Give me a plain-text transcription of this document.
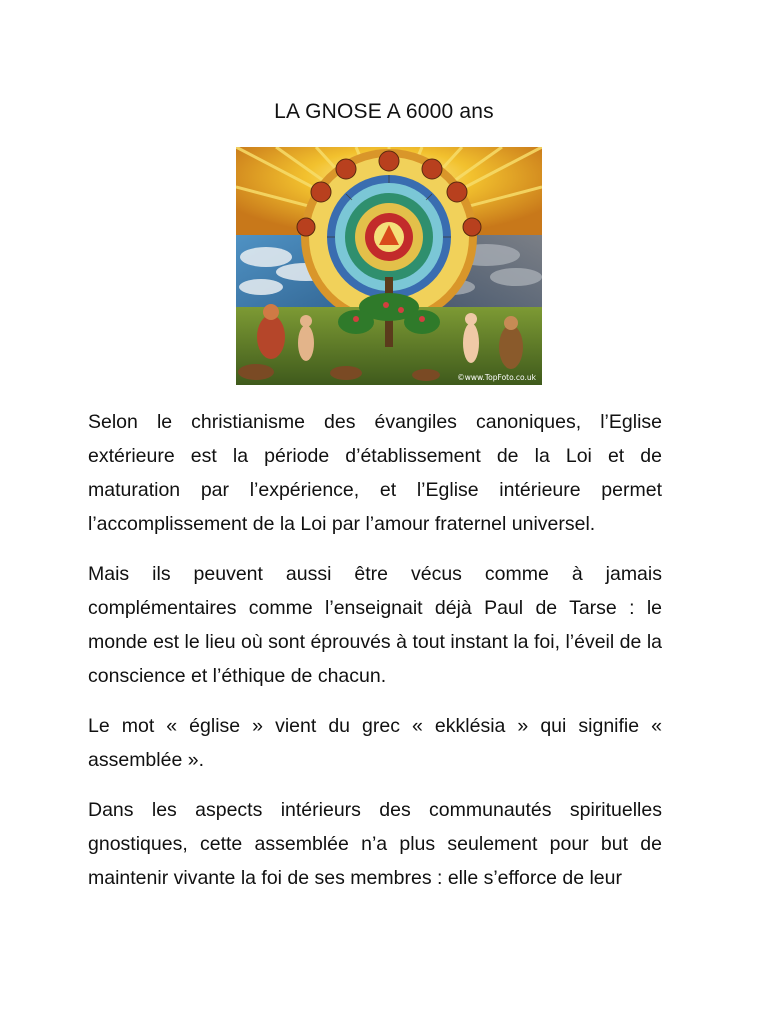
LA GNOSE A 6000 ans
©www.TopFoto.co.uk

Selon le christianisme des évangiles canoniques, l’Eglise extérieure est la période d’établissement de la Loi et de maturation par l’expérience, et l’Eglise intérieure permet l’accomplissement de la Loi par l’amour fraternel universel.

Mais ils peuvent aussi être vécus comme à jamais complémentaires comme l’enseignait déjà Paul de Tarse : le monde est le lieu où sont éprouvés à tout instant la foi, l’éveil de la conscience et l’éthique de chacun.

Le mot « église » vient du grec « ekklésia » qui signifie « assemblée ».

Dans les aspects intérieurs des communautés spirituelles gnostiques, cette assemblée n’a plus seulement pour but de maintenir vivante la foi de ses membres : elle s’efforce de leur
